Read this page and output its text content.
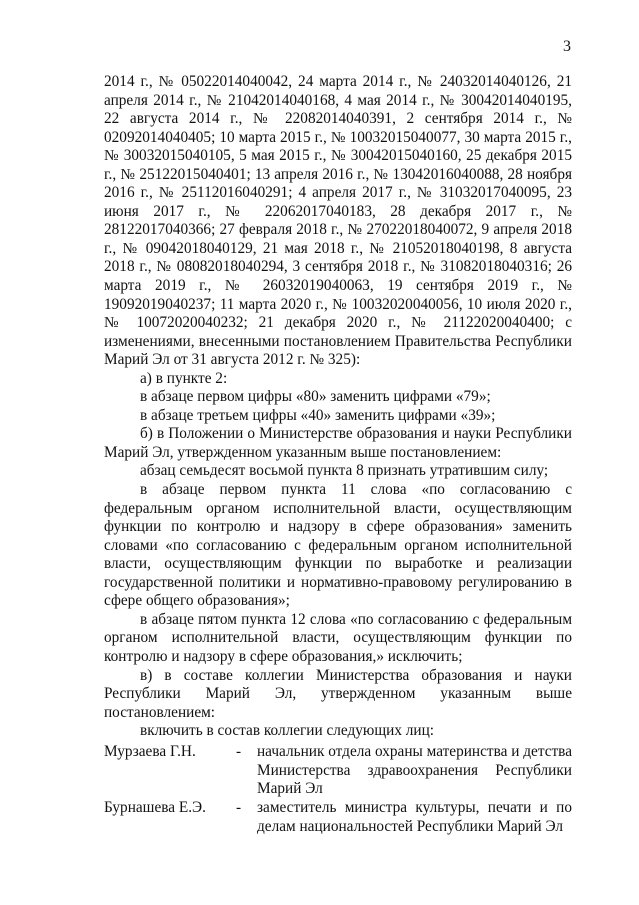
3

2014 г., № 05022014040042, 24 марта 2014 г., № 24032014040126, 21 апреля 2014 г., № 21042014040168, 4 мая 2014 г., № 30042014040195, 22 августа 2014 г., № 22082014040391, 2 сентября 2014 г., № 02092014040405; 10 марта 2015 г., № 10032015040077, 30 марта 2015 г., № 30032015040105, 5 мая 2015 г., № 30042015040160, 25 декабря 2015 г., № 25122015040401; 13 апреля 2016 г., № 13042016040088, 28 ноября 2016 г., № 25112016040291; 4 апреля 2017 г., № 31032017040095, 23 июня 2017 г., № 22062017040183, 28 декабря 2017 г., № 28122017040366; 27 февраля 2018 г., № 27022018040072, 9 апреля 2018 г., № 09042018040129, 21 мая 2018 г., № 21052018040198, 8 августа 2018 г., № 08082018040294, 3 сентября 2018 г., № 31082018040316; 26 марта 2019 г., № 26032019040063, 19 сентября 2019 г., № 19092019040237; 11 марта 2020 г., № 10032020040056, 10 июля 2020 г., № 10072020040232; 21 декабря 2020 г., № 21122020040400; с изменениями, внесенными постановлением Правительства Республики Марий Эл от 31 августа 2012 г. № 325):

а) в пункте 2:

в абзаце первом цифры «80» заменить цифрами «79»;

в абзаце третьем цифры «40» заменить цифрами «39»;

б) в Положении о Министерстве образования и науки Республики Марий Эл, утвержденном указанным выше постановлением:

абзац семьдесят восьмой пункта 8 признать утратившим силу;

в абзаце первом пункта 11 слова «по согласованию с федеральным органом исполнительной власти, осуществляющим функции по контролю и надзору в сфере образования» заменить словами «по согласованию с федеральным органом исполнительной власти, осуществляющим функции по выработке и реализации государственной политики и нормативно-правовому регулированию в сфере общего образования»;

в абзаце пятом пункта 12 слова «по согласованию с федеральным органом исполнительной власти, осуществляющим функции по контролю и надзору в сфере образования,» исключить;

в) в составе коллегии Министерства образования и науки Республики Марий Эл, утвержденном указанным выше постановлением:

включить в состав коллегии следующих лиц:

Мурзаева Г.Н.	- начальник отдела охраны материнства и детства Министерства здравоохранения Республики Марий Эл
Бурнашева Е.Э. - заместитель министра культуры, печати и по делам национальностей Республики Марий Эл
